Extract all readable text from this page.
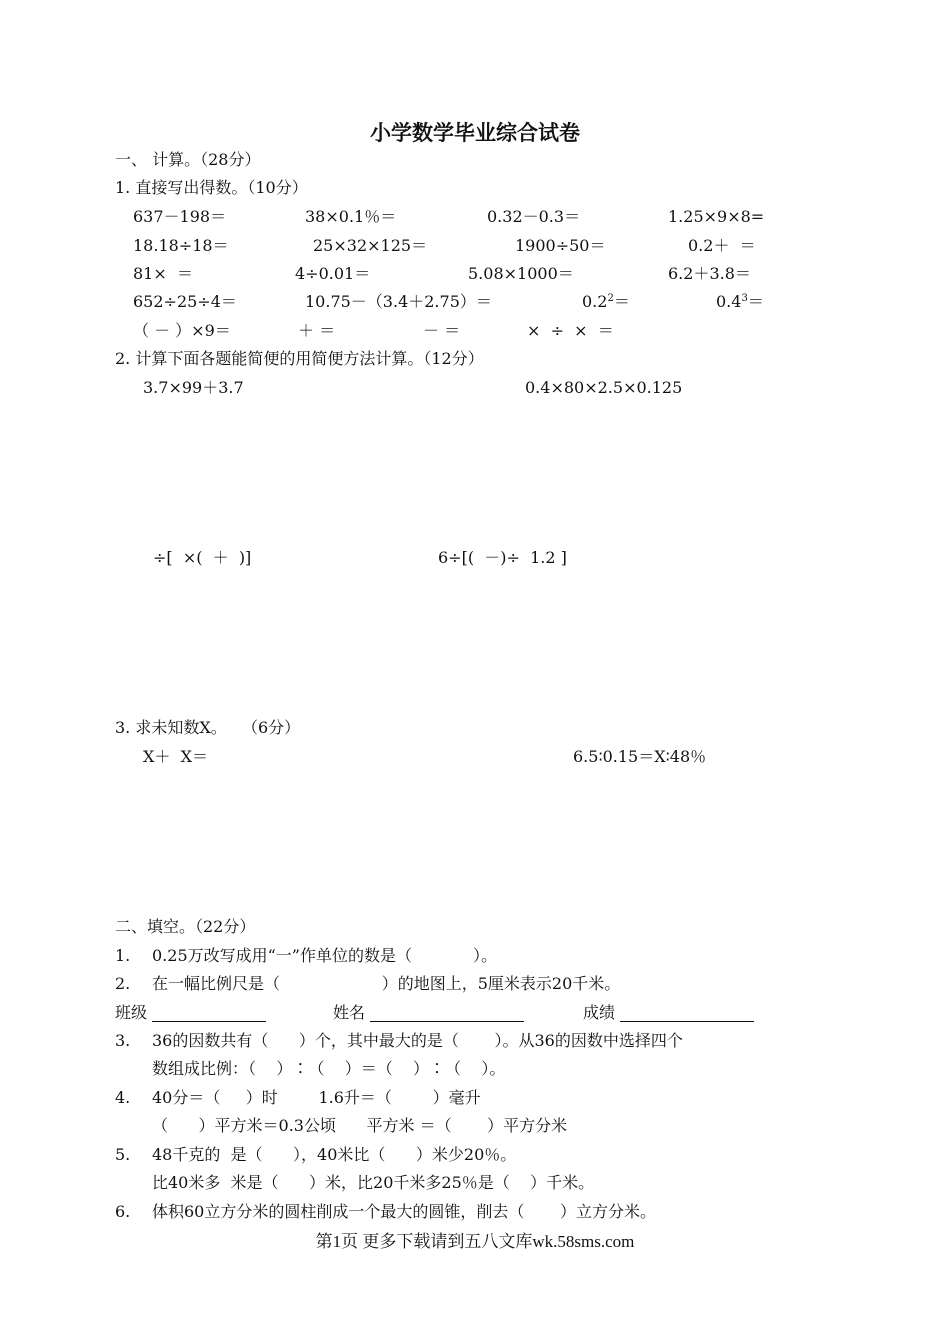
小学数学毕业综合试卷
一、 计算。（28分）
1. 直接写出得数。（10分）
637－198＝	38×0.1％＝	0.32－0.3＝	1.25×9×8=
18.18÷18＝	25×32×125＝	1900÷50＝	0.2＋  ＝
81×  ＝	4÷0.01＝	5.08×1000＝	6.2＋3.8＝
652÷25÷4＝	10.75－（3.4＋2.75）＝	$0.2^2=$	$0.4^3=$
（ － ）×9＝	＋ ＝	－ ＝	×  ÷  ×  ＝
2. 计算下面各题能简便的用简便方法计算。（12分）
3.7×99＋3.7	0.4×80×2.5×0.125
÷[  ×(  ＋  )]	6÷[(  －)÷  1.2 ]
3. 求未知数X。   （6分）
X＋  X＝	6.5∶0.15＝X∶48％
二、填空。（22分）
1. 0.25万改写成用“一”作单位的数是（            ）。
2. 在一幅比例尺是（                    ）的地图上，5厘米表示20千米。
班级	姓名	成绩
3. 36的因数共有（      ）个，其中最大的是（       ）。从36的因数中选择四个
数组成比例：（    ）∶（    ）＝（    ）∶（    ）。
4. 40分＝（     ）时        1.6升＝（        ）毫升
（      ）平方米＝0.3公顷      平方米 ＝（       ）平方分米
5. 48千克的  是（      ），40米比（      ）米少20％。
比40米多  米是（      ）米，比20千米多25％是（    ）千米。
6. 体积60立方分米的圆柱削成一个最大的圆锥，削去（       ）立方分米。
第1页 更多下载请到五八文库wk.58sms.com
